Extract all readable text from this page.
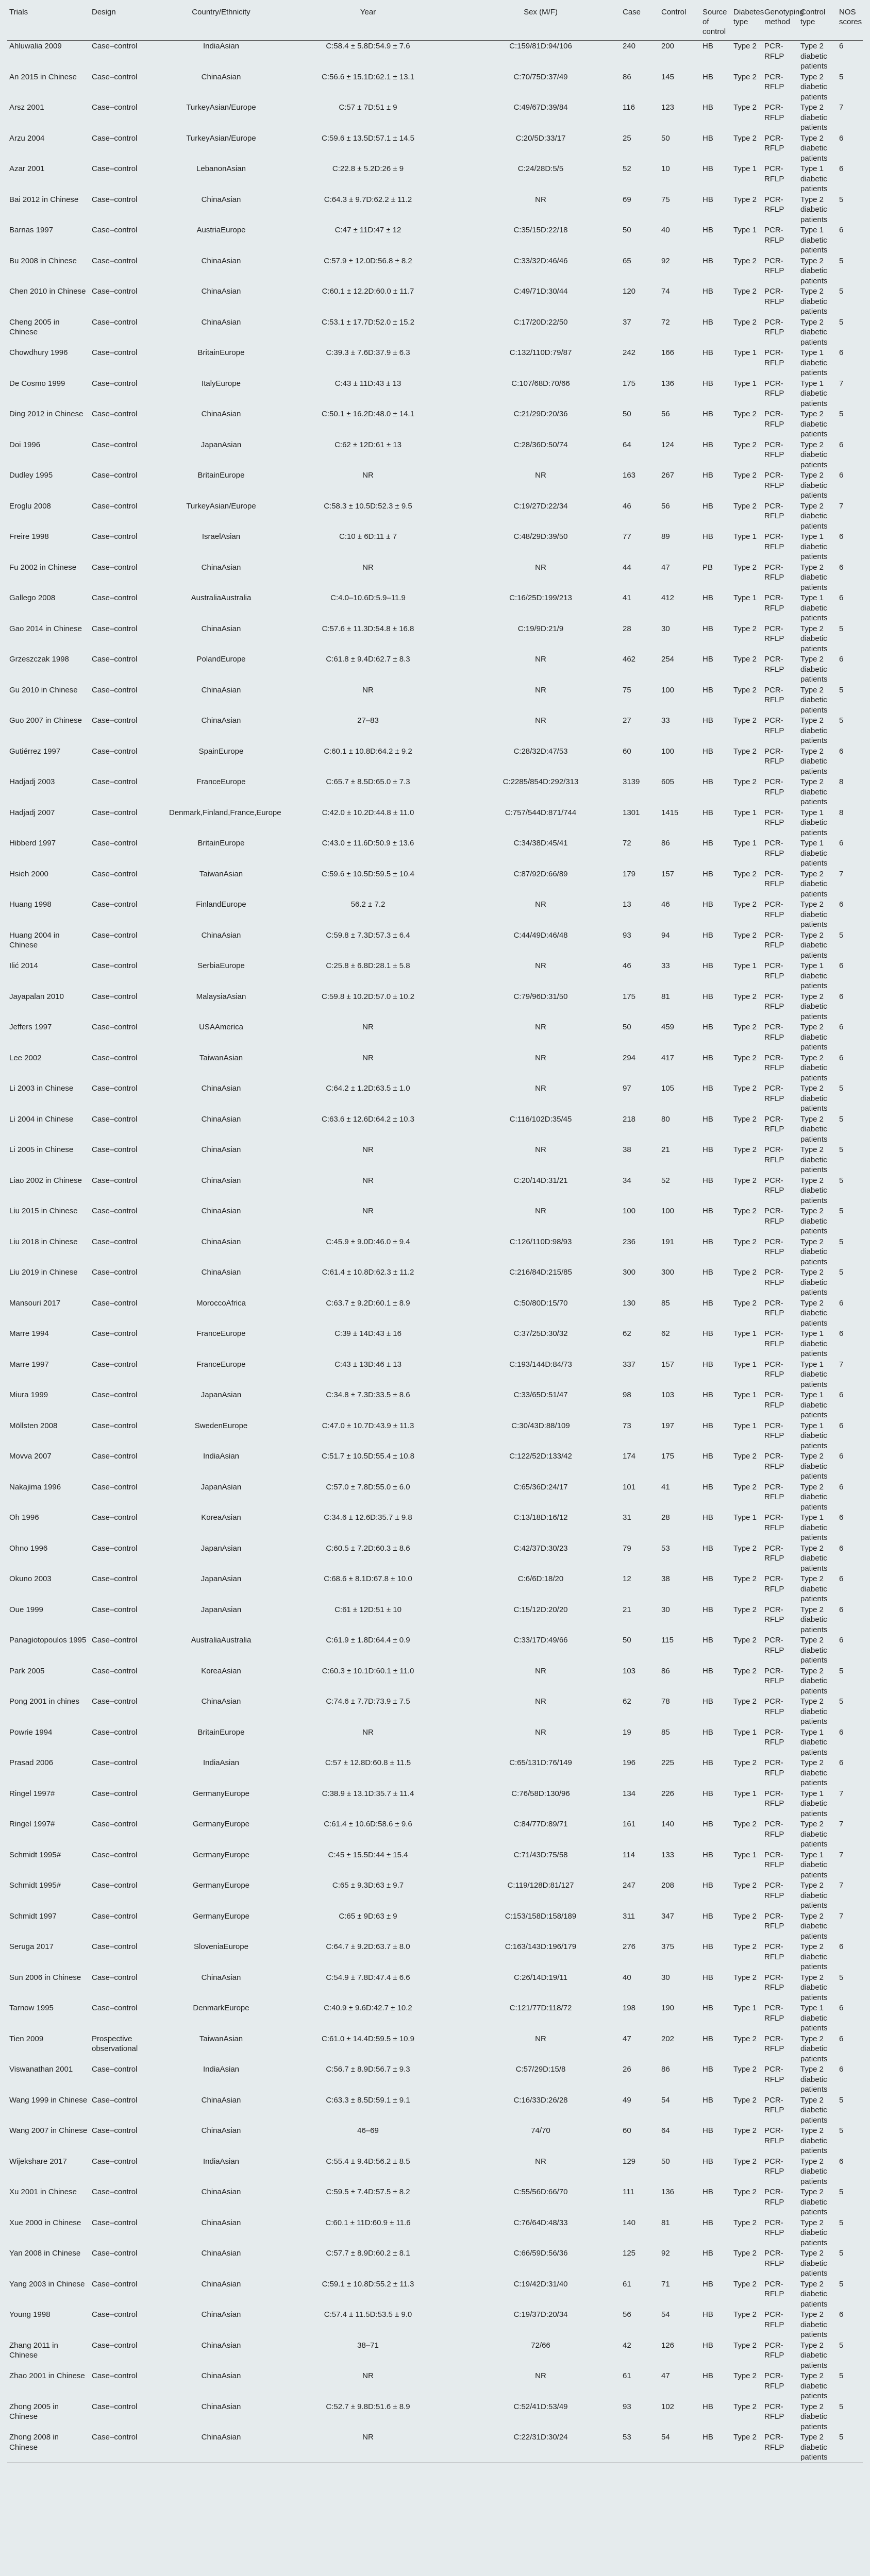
Trials	Design	Country/Ethnicity	Year	Sex (M/F)	Case	Control	Source of control	Diabetes type	Genotyping method	Control type	NOS scores
Ahluwalia 2009	Case–control	IndiaAsian	C:58.4 ± 5.8D:54.9 ± 7.6	C:159/81D:94/106	240	200	HB	Type 2	PCR-RFLP	Type 2 diabetic patients	6
An 2015 in Chinese	Case–control	ChinaAsian	C:56.6 ± 15.1D:62.1 ± 13.1	C:70/75D:37/49	86	145	HB	Type 2	PCR-RFLP	Type 2 diabetic patients	5
Arsz 2001	Case–control	TurkeyAsian/Europe	C:57 ± 7D:51 ± 9	C:49/67D:39/84	116	123	HB	Type 2	PCR-RFLP	Type 2 diabetic patients	7
Arzu 2004	Case–control	TurkeyAsian/Europe	C:59.6 ± 13.5D:57.1 ± 14.5	C:20/5D:33/17	25	50	HB	Type 2	PCR-RFLP	Type 2 diabetic patients	6
Azar 2001	Case–control	LebanonAsian	C:22.8 ± 5.2D:26 ± 9	C:24/28D:5/5	52	10	HB	Type 1	PCR-RFLP	Type 1 diabetic patients	6
Bai 2012 in Chinese	Case–control	ChinaAsian	C:64.3 ± 9.7D:62.2 ± 11.2	NR	69	75	HB	Type 2	PCR-RFLP	Type 2 diabetic patients	5
Barnas 1997	Case–control	AustriaEurope	C:47 ± 11D:47 ± 12	C:35/15D:22/18	50	40	HB	Type 1	PCR-RFLP	Type 1 diabetic patients	6
Bu 2008 in Chinese	Case–control	ChinaAsian	C:57.9 ± 12.0D:56.8 ± 8.2	C:33/32D:46/46	65	92	HB	Type 2	PCR-RFLP	Type 2 diabetic patients	5
Chen 2010 in Chinese	Case–control	ChinaAsian	C:60.1 ± 12.2D:60.0 ± 11.7	C:49/71D:30/44	120	74	HB	Type 2	PCR-RFLP	Type 2 diabetic patients	5
Cheng 2005 in Chinese	Case–control	ChinaAsian	C:53.1 ± 17.7D:52.0 ± 15.2	C:17/20D:22/50	37	72	HB	Type 2	PCR-RFLP	Type 2 diabetic patients	5
Chowdhury 1996	Case–control	BritainEurope	C:39.3 ± 7.6D:37.9 ± 6.3	C:132/110D:79/87	242	166	HB	Type 1	PCR-RFLP	Type 1 diabetic patients	6
De Cosmo 1999	Case–control	ItalyEurope	C:43 ± 11D:43 ± 13	C:107/68D:70/66	175	136	HB	Type 1	PCR-RFLP	Type 1 diabetic patients	7
Ding 2012 in Chinese	Case–control	ChinaAsian	C:50.1 ± 16.2D:48.0 ± 14.1	C:21/29D:20/36	50	56	HB	Type 2	PCR-RFLP	Type 2 diabetic patients	5
Doi 1996	Case–control	JapanAsian	C:62 ± 12D:61 ± 13	C:28/36D:50/74	64	124	HB	Type 2	PCR-RFLP	Type 2 diabetic patients	6
Dudley 1995	Case–control	BritainEurope	NR	NR	163	267	HB	Type 2	PCR-RFLP	Type 2 diabetic patients	6
Eroglu 2008	Case–control	TurkeyAsian/Europe	C:58.3 ± 10.5D:52.3 ± 9.5	C:19/27D:22/34	46	56	HB	Type 2	PCR-RFLP	Type 2 diabetic patients	7
Freire 1998	Case–control	IsraelAsian	C:10 ± 6D:11 ± 7	C:48/29D:39/50	77	89	HB	Type 1	PCR-RFLP	Type 1 diabetic patients	6
Fu 2002 in Chinese	Case–control	ChinaAsian	NR	NR	44	47	PB	Type 2	PCR-RFLP	Type 2 diabetic patients	6
Gallego 2008	Case–control	AustraliaAustralia	C:4.0–10.6D:5.9–11.9	C:16/25D:199/213	41	412	HB	Type 1	PCR-RFLP	Type 1 diabetic patients	6
Gao 2014 in Chinese	Case–control	ChinaAsian	C:57.6 ± 11.3D:54.8 ± 16.8	C:19/9D:21/9	28	30	HB	Type 2	PCR-RFLP	Type 2 diabetic patients	5
Grzeszczak 1998	Case–control	PolandEurope	C:61.8 ± 9.4D:62.7 ± 8.3	NR	462	254	HB	Type 2	PCR-RFLP	Type 2 diabetic patients	6
Gu 2010 in Chinese	Case–control	ChinaAsian	NR	NR	75	100	HB	Type 2	PCR-RFLP	Type 2 diabetic patients	5
Guo 2007 in Chinese	Case–control	ChinaAsian	27–83	NR	27	33	HB	Type 2	PCR-RFLP	Type 2 diabetic patients	5
Gutiérrez 1997	Case–control	SpainEurope	C:60.1 ± 10.8D:64.2 ± 9.2	C:28/32D:47/53	60	100	HB	Type 2	PCR-RFLP	Type 2 diabetic patients	6
Hadjadj 2003	Case–control	FranceEurope	C:65.7 ± 8.5D:65.0 ± 7.3	C:2285/854D:292/313	3139	605	HB	Type 2	PCR-RFLP	Type 2 diabetic patients	8
Hadjadj 2007	Case–control	Denmark,Finland,France,Europe	C:42.0 ± 10.2D:44.8 ± 11.0	C:757/544D:871/744	1301	1415	HB	Type 1	PCR-RFLP	Type 1 diabetic patients	8
Hibberd 1997	Case–control	BritainEurope	C:43.0 ± 11.6D:50.9 ± 13.6	C:34/38D:45/41	72	86	HB	Type 1	PCR-RFLP	Type 1 diabetic patients	6
Hsieh 2000	Case–control	TaiwanAsian	C:59.6 ± 10.5D:59.5 ± 10.4	C:87/92D:66/89	179	157	HB	Type 2	PCR-RFLP	Type 2 diabetic patients	7
Huang 1998	Case–control	FinlandEurope	56.2 ± 7.2	NR	13	46	HB	Type 2	PCR-RFLP	Type 2 diabetic patients	6
Huang 2004 in Chinese	Case–control	ChinaAsian	C:59.8 ± 7.3D:57.3 ± 6.4	C:44/49D:46/48	93	94	HB	Type 2	PCR-RFLP	Type 2 diabetic patients	5
Ilić 2014	Case–control	SerbiaEurope	C:25.8 ± 6.8D:28.1 ± 5.8	NR	46	33	HB	Type 1	PCR-RFLP	Type 1 diabetic patients	6
Jayapalan 2010	Case–control	MalaysiaAsian	C:59.8 ± 10.2D:57.0 ± 10.2	C:79/96D:31/50	175	81	HB	Type 2	PCR-RFLP	Type 2 diabetic patients	6
Jeffers 1997	Case–control	USAAmerica	NR	NR	50	459	HB	Type 2	PCR-RFLP	Type 2 diabetic patients	6
Lee 2002	Case–control	TaiwanAsian	NR	NR	294	417	HB	Type 2	PCR-RFLP	Type 2 diabetic patients	6
Li 2003 in Chinese	Case–control	ChinaAsian	C:64.2 ± 1.2D:63.5 ± 1.0	NR	97	105	HB	Type 2	PCR-RFLP	Type 2 diabetic patients	5
Li 2004 in Chinese	Case–control	ChinaAsian	C:63.6 ± 12.6D:64.2 ± 10.3	C:116/102D:35/45	218	80	HB	Type 2	PCR-RFLP	Type 2 diabetic patients	5
Li 2005 in Chinese	Case–control	ChinaAsian	NR	NR	38	21	HB	Type 2	PCR-RFLP	Type 2 diabetic patients	5
Liao 2002 in Chinese	Case–control	ChinaAsian	NR	C:20/14D:31/21	34	52	HB	Type 2	PCR-RFLP	Type 2 diabetic patients	5
Liu 2015 in Chinese	Case–control	ChinaAsian	NR	NR	100	100	HB	Type 2	PCR-RFLP	Type 2 diabetic patients	5
Liu 2018 in Chinese	Case–control	ChinaAsian	C:45.9 ± 9.0D:46.0 ± 9.4	C:126/110D:98/93	236	191	HB	Type 2	PCR-RFLP	Type 2 diabetic patients	5
Liu 2019 in Chinese	Case–control	ChinaAsian	C:61.4 ± 10.8D:62.3 ± 11.2	C:216/84D:215/85	300	300	HB	Type 2	PCR-RFLP	Type 2 diabetic patients	5
Mansouri 2017	Case–control	MoroccoAfrica	C:63.7 ± 9.2D:60.1 ± 8.9	C:50/80D:15/70	130	85	HB	Type 2	PCR-RFLP	Type 2 diabetic patients	6
Marre 1994	Case–control	FranceEurope	C:39 ± 14D:43 ± 16	C:37/25D:30/32	62	62	HB	Type 1	PCR-RFLP	Type 1 diabetic patients	6
Marre 1997	Case–control	FranceEurope	C:43 ± 13D:46 ± 13	C:193/144D:84/73	337	157	HB	Type 1	PCR-RFLP	Type 1 diabetic patients	7
Miura 1999	Case–control	JapanAsian	C:34.8 ± 7.3D:33.5 ± 8.6	C:33/65D:51/47	98	103	HB	Type 1	PCR-RFLP	Type 1 diabetic patients	6
Möllsten 2008	Case–control	SwedenEurope	C:47.0 ± 10.7D:43.9 ± 11.3	C:30/43D:88/109	73	197	HB	Type 1	PCR-RFLP	Type 1 diabetic patients	6
Movva 2007	Case–control	IndiaAsian	C:51.7 ± 10.5D:55.4 ± 10.8	C:122/52D:133/42	174	175	HB	Type 2	PCR-RFLP	Type 2 diabetic patients	6
Nakajima 1996	Case–control	JapanAsian	C:57.0 ± 7.8D:55.0 ± 6.0	C:65/36D:24/17	101	41	HB	Type 2	PCR-RFLP	Type 2 diabetic patients	6
Oh 1996	Case–control	KoreaAsian	C:34.6 ± 12.6D:35.7 ± 9.8	C:13/18D:16/12	31	28	HB	Type 1	PCR-RFLP	Type 1 diabetic patients	6
Ohno 1996	Case–control	JapanAsian	C:60.5 ± 7.2D:60.3 ± 8.6	C:42/37D:30/23	79	53	HB	Type 2	PCR-RFLP	Type 2 diabetic patients	6
Okuno 2003	Case–control	JapanAsian	C:68.6 ± 8.1D:67.8 ± 10.0	C:6/6D:18/20	12	38	HB	Type 2	PCR-RFLP	Type 2 diabetic patients	6
Oue 1999	Case–control	JapanAsian	C:61 ± 12D:51 ± 10	C:15/12D:20/20	21	30	HB	Type 2	PCR-RFLP	Type 2 diabetic patients	6
Panagiotopoulos 1995	Case–control	AustraliaAustralia	C:61.9 ± 1.8D:64.4 ± 0.9	C:33/17D:49/66	50	115	HB	Type 2	PCR-RFLP	Type 2 diabetic patients	6
Park 2005	Case–control	KoreaAsian	C:60.3 ± 10.1D:60.1 ± 11.0	NR	103	86	HB	Type 2	PCR-RFLP	Type 2 diabetic patients	5
Pong 2001 in chines	Case–control	ChinaAsian	C:74.6 ± 7.7D:73.9 ± 7.5	NR	62	78	HB	Type 2	PCR-RFLP	Type 2 diabetic patients	5
Powrie 1994	Case–control	BritainEurope	NR	NR	19	85	HB	Type 1	PCR-RFLP	Type 1 diabetic patients	6
Prasad 2006	Case–control	IndiaAsian	C:57 ± 12.8D:60.8 ± 11.5	C:65/131D:76/149	196	225	HB	Type 2	PCR-RFLP	Type 2 diabetic patients	6
Ringel 1997#	Case–control	GermanyEurope	C:38.9 ± 13.1D:35.7 ± 11.4	C:76/58D:130/96	134	226	HB	Type 1	PCR-RFLP	Type 1 diabetic patients	7
Ringel 1997#	Case–control	GermanyEurope	C:61.4 ± 10.6D:58.6 ± 9.6	C:84/77D:89/71	161	140	HB	Type 2	PCR-RFLP	Type 2 diabetic patients	7
Schmidt 1995#	Case–control	GermanyEurope	C:45 ± 15.5D:44 ± 15.4	C:71/43D:75/58	114	133	HB	Type 1	PCR-RFLP	Type 1 diabetic patients	7
Schmidt 1995#	Case–control	GermanyEurope	C:65 ± 9.3D:63 ± 9.7	C:119/128D:81/127	247	208	HB	Type 2	PCR-RFLP	Type 2 diabetic patients	7
Schmidt 1997	Case–control	GermanyEurope	C:65 ± 9D:63 ± 9	C:153/158D:158/189	311	347	HB	Type 2	PCR-RFLP	Type 2 diabetic patients	7
Seruga 2017	Case–control	SloveniaEurope	C:64.7 ± 9.2D:63.7 ± 8.0	C:163/143D:196/179	276	375	HB	Type 2	PCR-RFLP	Type 2 diabetic patients	6
Sun 2006 in Chinese	Case–control	ChinaAsian	C:54.9 ± 7.8D:47.4 ± 6.6	C:26/14D:19/11	40	30	HB	Type 2	PCR-RFLP	Type 2 diabetic patients	5
Tarnow 1995	Case–control	DenmarkEurope	C:40.9 ± 9.6D:42.7 ± 10.2	C:121/77D:118/72	198	190	HB	Type 1	PCR-RFLP	Type 1 diabetic patients	6
Tien 2009	Prospective observational	TaiwanAsian	C:61.0 ± 14.4D:59.5 ± 10.9	NR	47	202	HB	Type 2	PCR-RFLP	Type 2 diabetic patients	6
Viswanathan 2001	Case–control	IndiaAsian	C:56.7 ± 8.9D:56.7 ± 9.3	C:57/29D:15/8	26	86	HB	Type 2	PCR-RFLP	Type 2 diabetic patients	6
Wang 1999 in Chinese	Case–control	ChinaAsian	C:63.3 ± 8.5D:59.1 ± 9.1	C:16/33D:26/28	49	54	HB	Type 2	PCR-RFLP	Type 2 diabetic patients	5
Wang 2007 in Chinese	Case–control	ChinaAsian	46–69	74/70	60	64	HB	Type 2	PCR-RFLP	Type 2 diabetic patients	5
Wijekshare 2017	Case–control	IndiaAsian	C:55.4 ± 9.4D:56.2 ± 8.5	NR	129	50	HB	Type 2	PCR-RFLP	Type 2 diabetic patients	6
Xu 2001 in Chinese	Case–control	ChinaAsian	C:59.5 ± 7.4D:57.5 ± 8.2	C:55/56D:66/70	111	136	HB	Type 2	PCR-RFLP	Type 2 diabetic patients	5
Xue 2000 in Chinese	Case–control	ChinaAsian	C:60.1 ± 11D:60.9 ± 11.6	C:76/64D:48/33	140	81	HB	Type 2	PCR-RFLP	Type 2 diabetic patients	5
Yan 2008 in Chinese	Case–control	ChinaAsian	C:57.7 ± 8.9D:60.2 ± 8.1	C:66/59D:56/36	125	92	HB	Type 2	PCR-RFLP	Type 2 diabetic patients	5
Yang 2003 in Chinese	Case–control	ChinaAsian	C:59.1 ± 10.8D:55.2 ± 11.3	C:19/42D:31/40	61	71	HB	Type 2	PCR-RFLP	Type 2 diabetic patients	5
Young 1998	Case–control	ChinaAsian	C:57.4 ± 11.5D:53.5 ± 9.0	C:19/37D:20/34	56	54	HB	Type 2	PCR-RFLP	Type 2 diabetic patients	6
Zhang 2011 in Chinese	Case–control	ChinaAsian	38–71	72/66	42	126	HB	Type 2	PCR-RFLP	Type 2 diabetic patients	5
Zhao 2001 in Chinese	Case–control	ChinaAsian	NR	NR	61	47	HB	Type 2	PCR-RFLP	Type 2 diabetic patients	5
Zhong 2005 in Chinese	Case–control	ChinaAsian	C:52.7 ± 9.8D:51.6 ± 8.9	C:52/41D:53/49	93	102	HB	Type 2	PCR-RFLP	Type 2 diabetic patients	5
Zhong 2008 in Chinese	Case–control	ChinaAsian	NR	C:22/31D:30/24	53	54	HB	Type 2	PCR-RFLP	Type 2 diabetic patients	5
